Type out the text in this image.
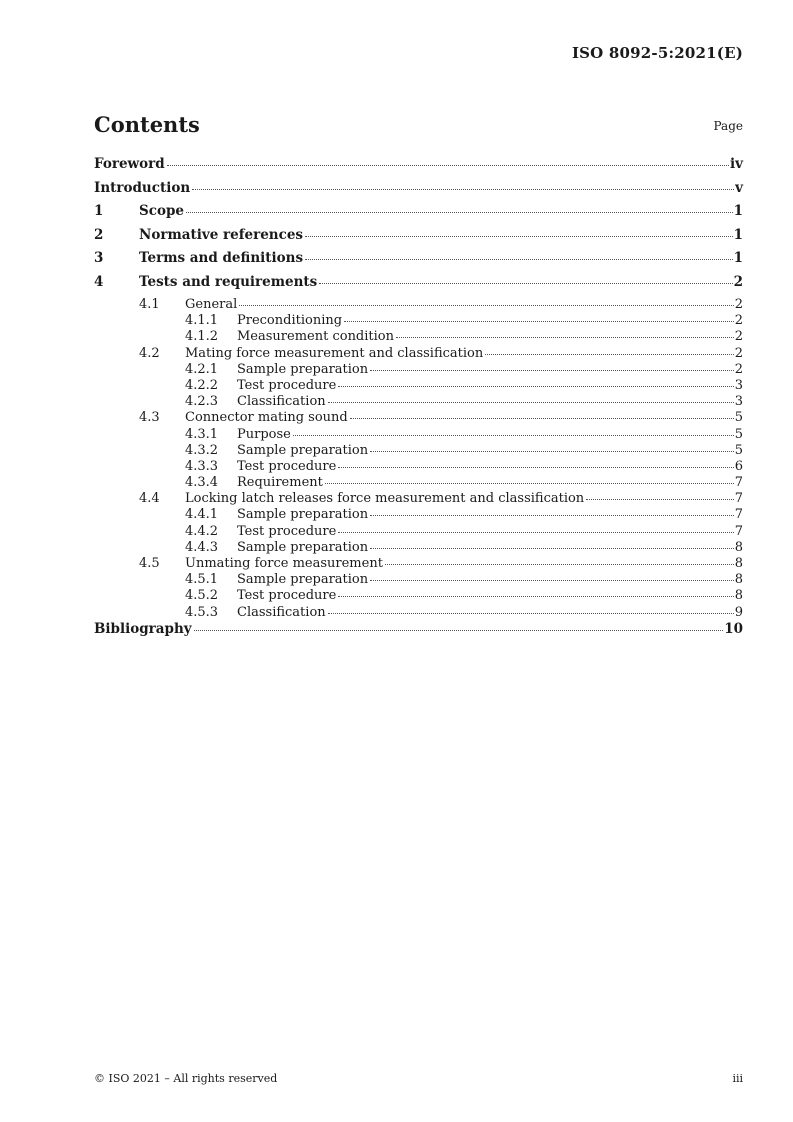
ISO 8092-5:2021(E)
Contents	Page
Foreword	iv
Introduction	v
1	Scope	1
2	Normative references	1
3	Terms and definitions	1
4	Tests and requirements	2
4.1	General	2
4.1.1	Preconditioning	2
4.1.2	Measurement condition	2
4.2	Mating force measurement and classification	2
4.2.1	Sample preparation	2
4.2.2	Test procedure	3
4.2.3	Classification	3
4.3	Connector mating sound	5
4.3.1	Purpose	5
4.3.2	Sample preparation	5
4.3.3	Test procedure	6
4.3.4	Requirement	7
4.4	Locking latch releases force measurement and classification	7
4.4.1	Sample preparation	7
4.4.2	Test procedure	7
4.4.3	Sample preparation	8
4.5	Unmating force measurement	8
4.5.1	Sample preparation	8
4.5.2	Test procedure	8
4.5.3	Classification	9
Bibliography	10
© ISO 2021 – All rights reserved	iii
